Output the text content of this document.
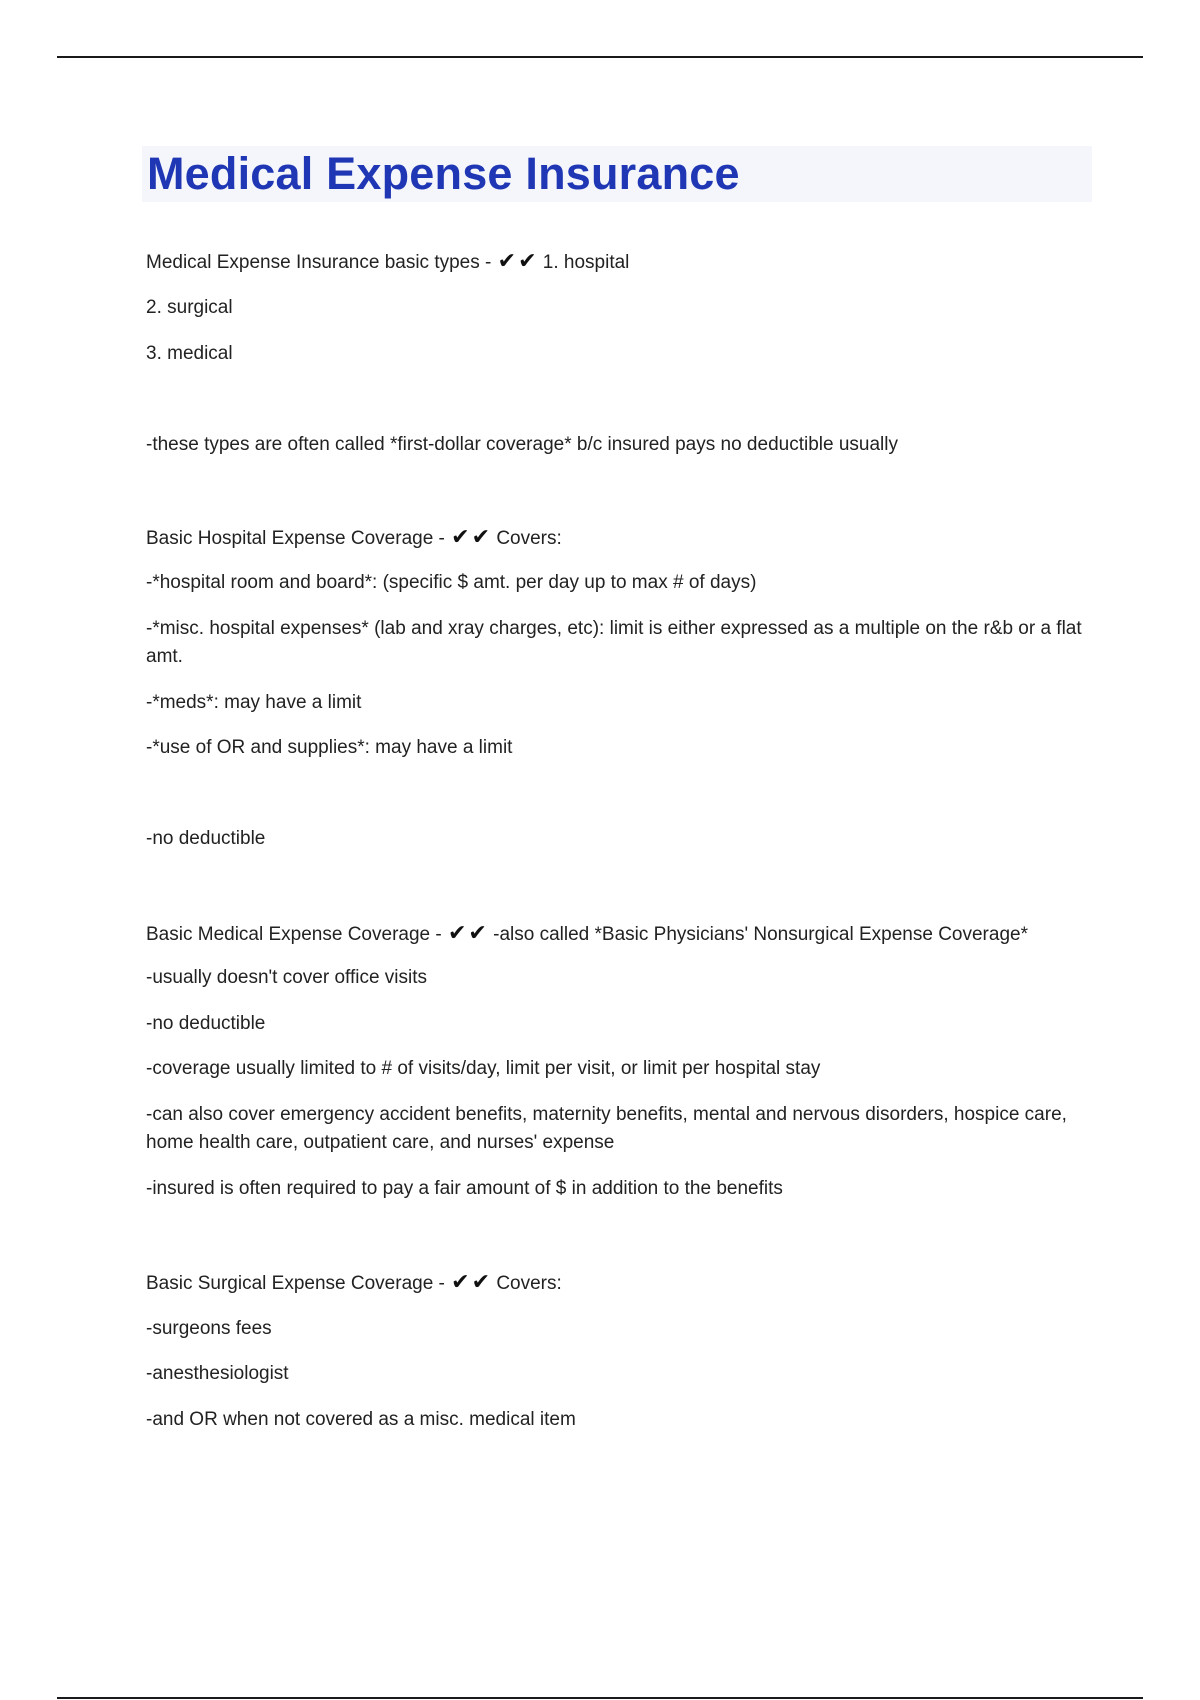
Medical Expense Insurance
Medical Expense Insurance basic types - ✔✔ 1. hospital
2. surgical
3. medical
-these types are often called *first-dollar coverage* b/c insured pays no deductible usually
Basic Hospital Expense Coverage - ✔✔ Covers:
-*hospital room and board*: (specific $ amt. per day up to max # of days)
-*misc. hospital expenses* (lab and xray charges, etc): limit is either expressed as a multiple on the r&b or a flat amt.
-*meds*: may have a limit
-*use of OR and supplies*: may have a limit
-no deductible
Basic Medical Expense Coverage - ✔✔ -also called *Basic Physicians' Nonsurgical Expense Coverage*
-usually doesn't cover office visits
-no deductible
-coverage usually limited to # of visits/day, limit per visit, or limit per hospital stay
-can also cover emergency accident benefits, maternity benefits, mental and nervous disorders, hospice care, home health care, outpatient care, and nurses' expense
-insured is often required to pay a fair amount of $ in addition to the benefits
Basic Surgical Expense Coverage - ✔✔ Covers:
-surgeons fees
-anesthesiologist
-and OR when not covered as a misc. medical item
